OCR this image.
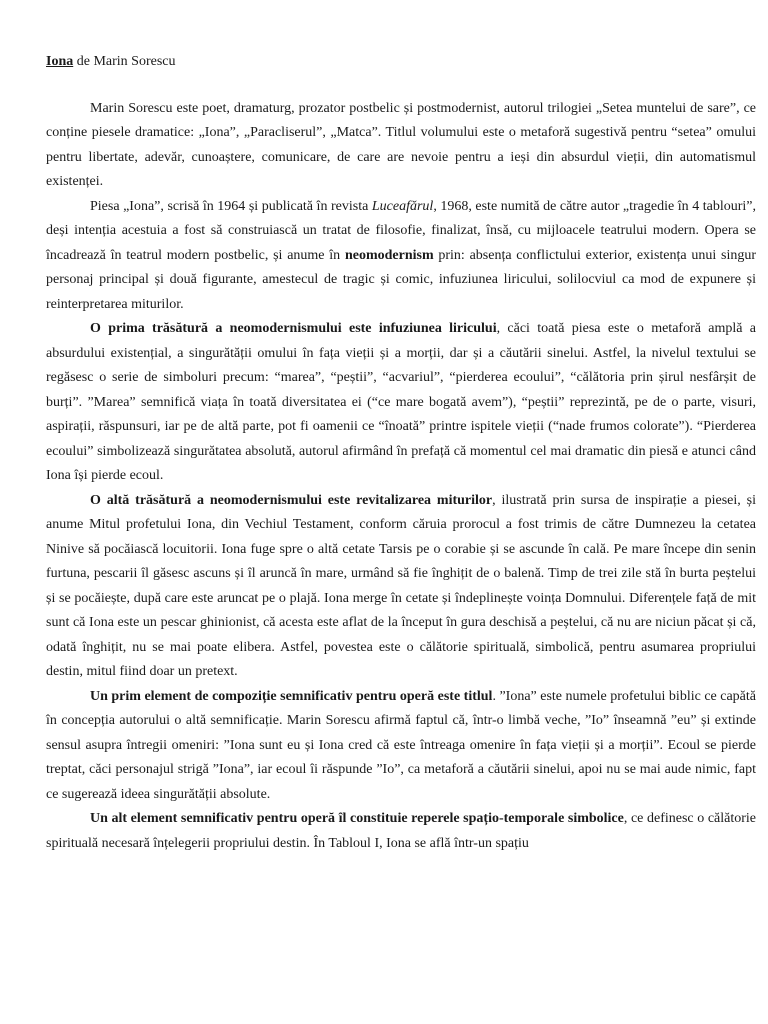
Iona de Marin Sorescu

Marin Sorescu este poet, dramaturg, prozator postbelic și postmodernist, autorul trilogiei „Setea muntelui de sare”, ce conține piesele dramatice: „Iona”, „Paracliserul”, „Matca”. Titlul volumului este o metaforă sugestivă pentru “setea” omului pentru libertate, adevăr, cunoaștere, comunicare, de care are nevoie pentru a ieși din absurdul vieții, din automatismul existenței.

Piesa „Iona”, scrisă în 1964 și publicată în revista Luceafărul, 1968, este numită de către autor „tragedie în 4 tablouri”, deși intenția acestuia a fost să construiască un tratat de filosofie, finalizat, însă, cu mijloacele teatrului modern. Opera se încadrează în teatrul modern postbelic, și anume în neomodernism prin: absența conflictului exterior, existența unui singur personaj principal și două figurante, amestecul de tragic și comic, infuziunea liricului, solilocviul ca mod de expunere și reinterpretarea miturilor.

O prima trăsătură a neomodernismului este infuziunea liricului, căci toată piesa este o metaforă amplă a absurdului existențial, a singurătății omului în fața vieții și a morții, dar și a căutării sinelui. Astfel, la nivelul textului se regăsesc o serie de simboluri precum: “marea”, “peștii”, “acvariul”, “pierderea ecoului”, “călătoria prin șirul nesfârșit de burți”. ”Marea” semnifică viața în toată diversitatea ei (“ce mare bogată avem”), “peștii” reprezintă, pe de o parte, visuri, aspirații, răspunsuri, iar pe de altă parte, pot fi oamenii ce “înoată” printre ispitele vieții (“nade frumos colorate”). “Pierderea ecoului” simbolizează singurătatea absolută, autorul afirmând în prefață că momentul cel mai dramatic din piesă e atunci când Iona își pierde ecoul.

O altă trăsătură a neomodernismului este revitalizarea miturilor, ilustrată prin sursa de inspirație a piesei, și anume Mitul profetului Iona, din Vechiul Testament, conform căruia prorocul a fost trimis de către Dumnezeu la cetatea Ninive să pocăiască locuitorii. Iona fuge spre o altă cetate Tarsis pe o corabie și se ascunde în cală. Pe mare începe din senin furtuna, pescarii îl găsesc ascuns și îl aruncă în mare, urmând să fie înghițit de o balenă. Timp de trei zile stă în burta peștelui și se pocăiește, după care este aruncat pe o plajă. Iona merge în cetate și îndeplinește voința Domnului. Diferențele față de mit sunt că Iona este un pescar ghinionist, că acesta este aflat de la început în gura deschisă a peștelui, că nu are niciun păcat și că, odată înghițit, nu se mai poate elibera. Astfel, povestea este o călătorie spirituală, simbolică, pentru asumarea propriului destin, mitul fiind doar un pretext.

Un prim element de compoziție semnificativ pentru operă este titlul. ”Iona” este numele profetului biblic ce capătă în concepția autorului o altă semnificație. Marin Sorescu afirmă faptul că, într-o limbă veche, ”Io” înseamnă ”eu” și extinde sensul asupra întregii omeniri: ”Iona sunt eu și Iona cred că este întreaga omenire în fața vieții și a morții”. Ecoul se pierde treptat, căci personajul strigă ”Iona”, iar ecoul îi răspunde ”Io”, ca metaforă a căutării sinelui, apoi nu se mai aude nimic, fapt ce sugerează ideea singurătății absolute.

Un alt element semnificativ pentru operă îl constituie reperele spațio-temporale simbolice, ce definesc o călătorie spirituală necesară înțelegerii propriului destin. În Tabloul I, Iona se află într-un spațiu
